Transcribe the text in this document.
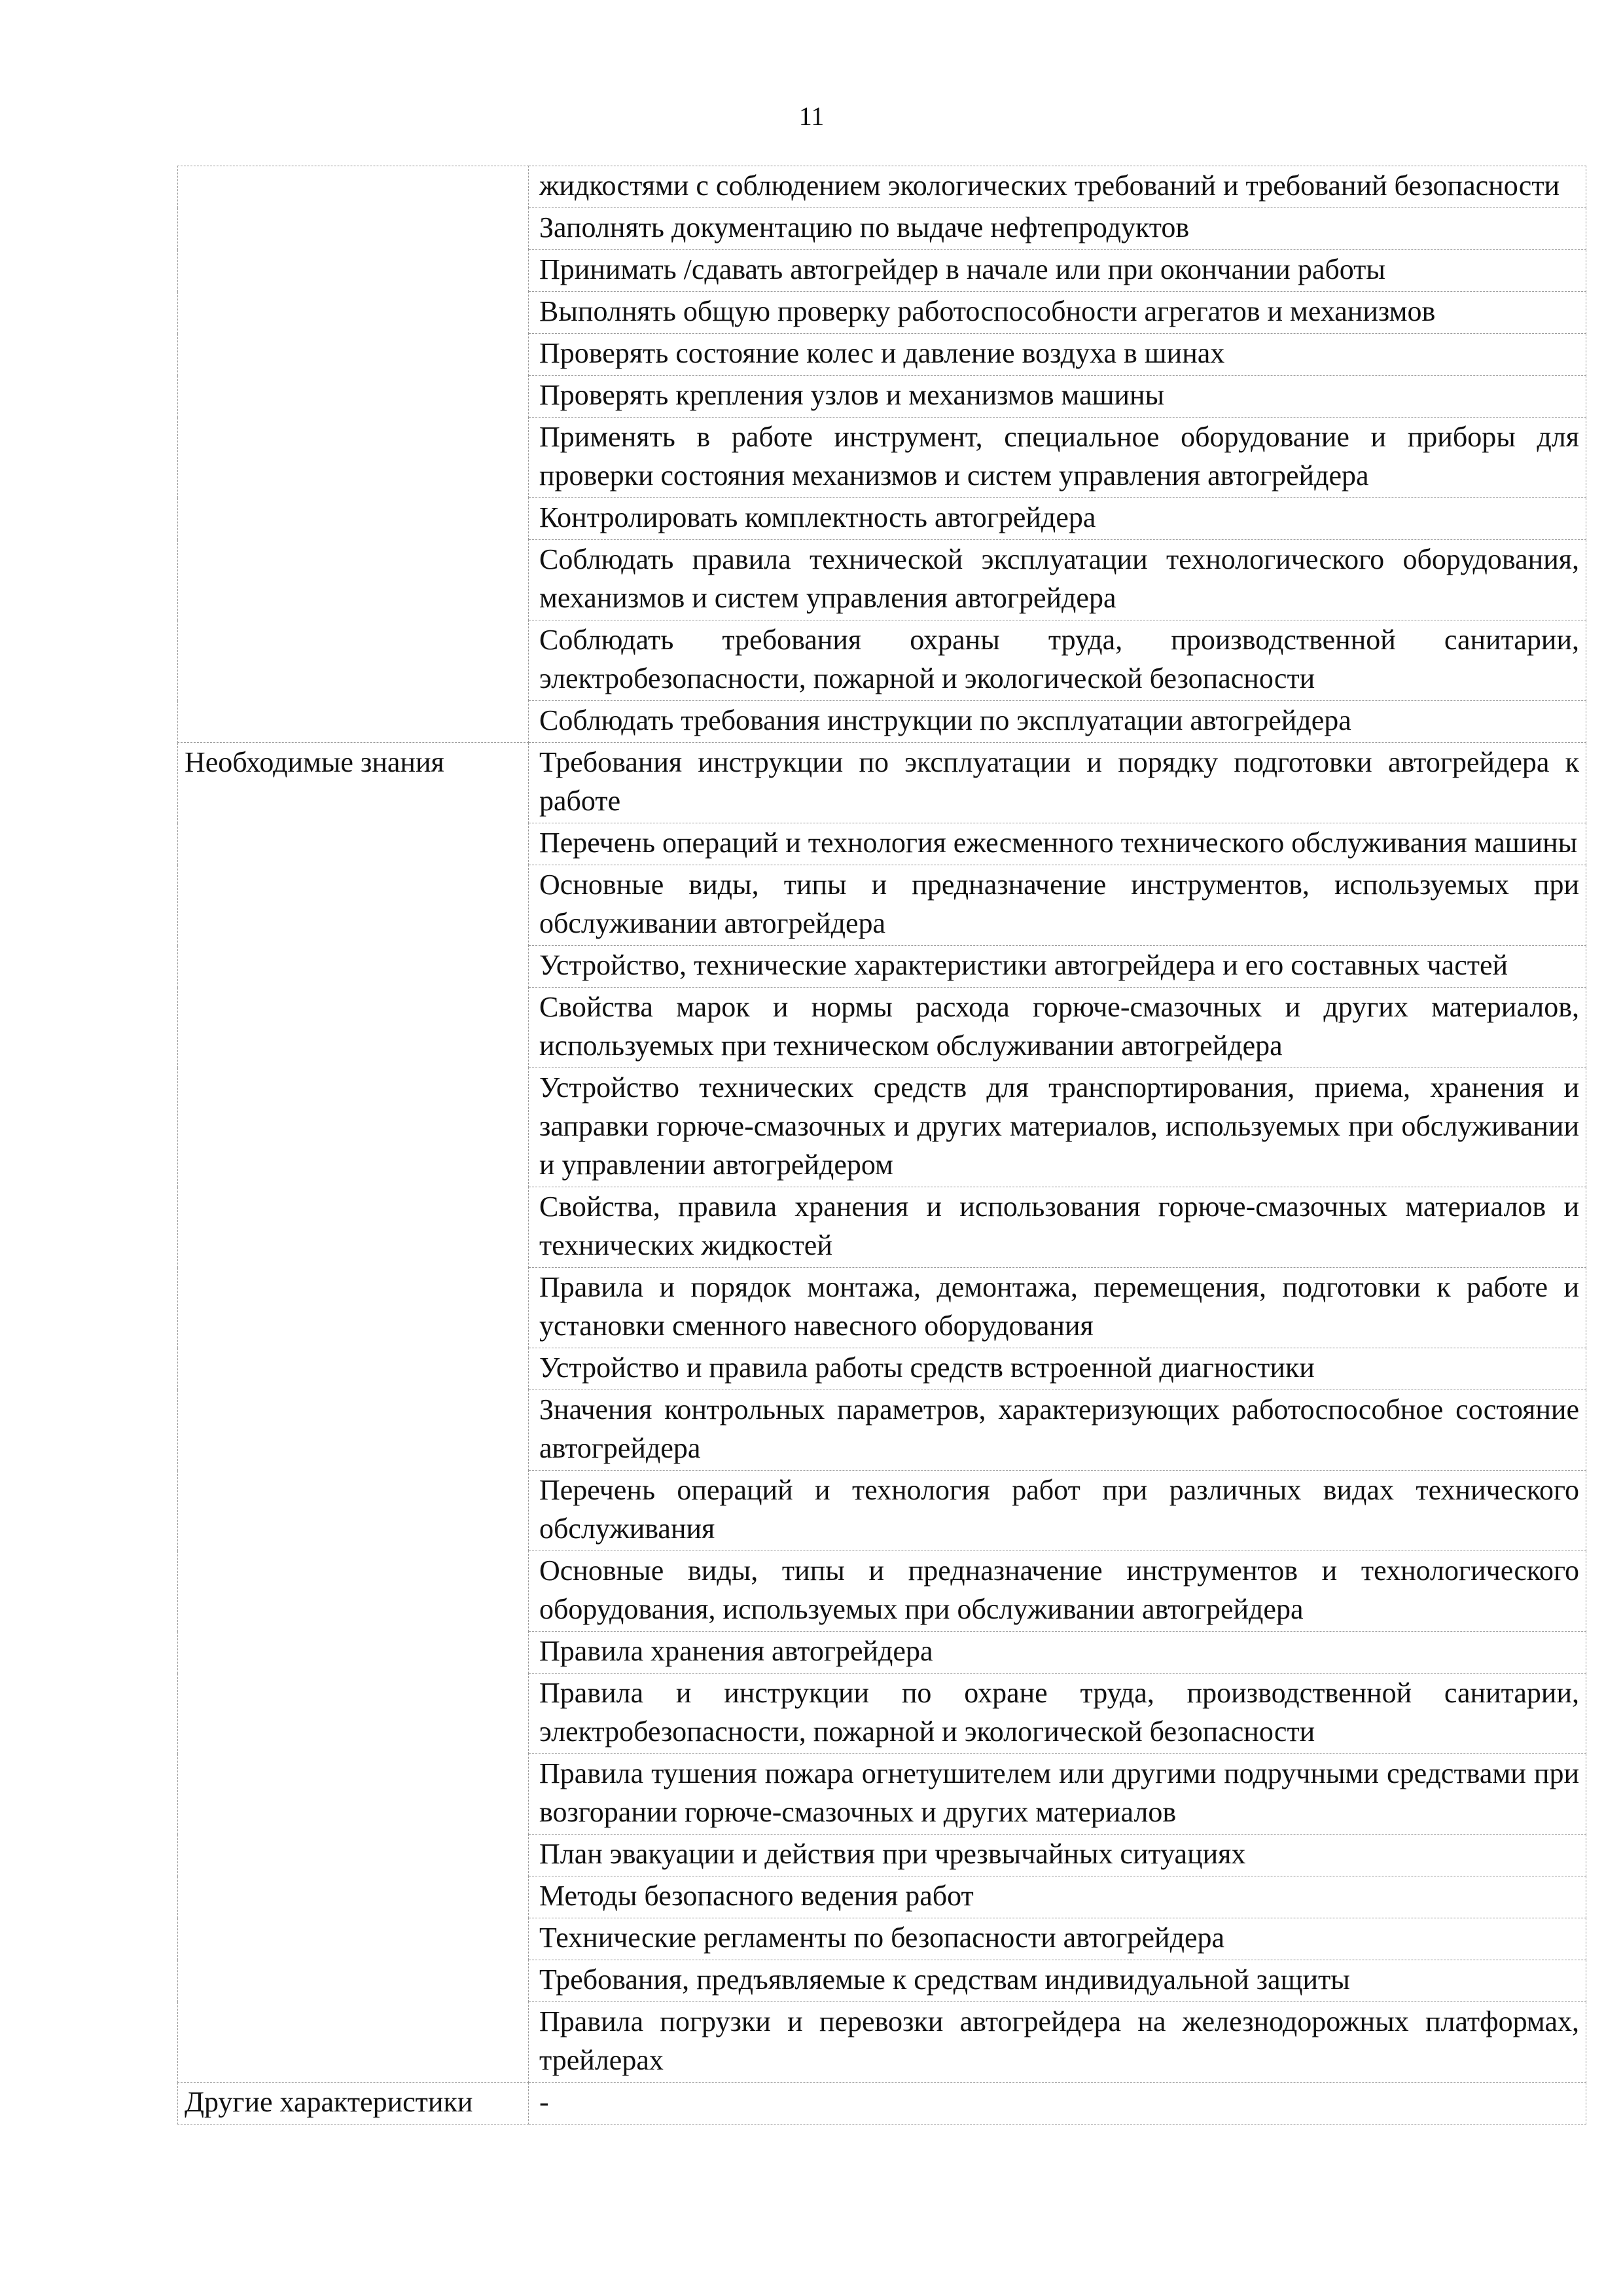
11
	жидкостями с соблюдением экологических требований и требований безопасности
	Заполнять документацию по выдаче нефтепродуктов
	Принимать /сдавать автогрейдер в начале или при окончании работы
	Выполнять общую проверку работоспособности агрегатов и механизмов
	Проверять состояние колес и давление воздуха в шинах
	Проверять крепления узлов и механизмов машины
	Применять в работе инструмент, специальное оборудование и приборы для проверки состояния механизмов и систем управления автогрейдера
	Контролировать комплектность автогрейдера
	Соблюдать правила технической эксплуатации технологического оборудования, механизмов и систем управления автогрейдера
	Соблюдать требования охраны труда, производственной санитарии, электробезопасности, пожарной и экологической безопасности
	Соблюдать требования инструкции по эксплуатации автогрейдера
Необходимые знания	Требования инструкции по эксплуатации и порядку подготовки автогрейдера к работе
	Перечень операций и технология ежесменного технического обслуживания машины
	Основные виды, типы и предназначение инструментов, используемых при обслуживании автогрейдера
	Устройство, технические характеристики автогрейдера и его составных частей
	Свойства марок и нормы расхода горюче-смазочных и других материалов, используемых при техническом обслуживании автогрейдера
	Устройство технических средств для транспортирования, приема, хранения и заправки горюче-смазочных и других материалов, используемых при обслуживании и управлении автогрейдером
	Свойства, правила хранения и использования горюче-смазочных материалов и технических жидкостей
	Правила и порядок монтажа, демонтажа, перемещения, подготовки к работе и установки сменного навесного оборудования
	Устройство и правила работы средств встроенной диагностики
	Значения контрольных параметров, характеризующих работоспособное состояние автогрейдера
	Перечень операций и технология работ при различных видах технического обслуживания
	Основные виды, типы и предназначение инструментов и технологического оборудования, используемых при обслуживании автогрейдера
	Правила хранения автогрейдера
	Правила и инструкции по охране труда, производственной санитарии, электробезопасности, пожарной и экологической безопасности
	Правила тушения пожара огнетушителем или другими подручными средствами при возгорании горюче-смазочных и других материалов
	План эвакуации и действия при чрезвычайных ситуациях
	Методы безопасного ведения работ
	Технические регламенты по безопасности автогрейдера
	Требования, предъявляемые к средствам индивидуальной защиты
	Правила погрузки и перевозки автогрейдера на железнодорожных платформах, трейлерах
Другие характеристики	-
